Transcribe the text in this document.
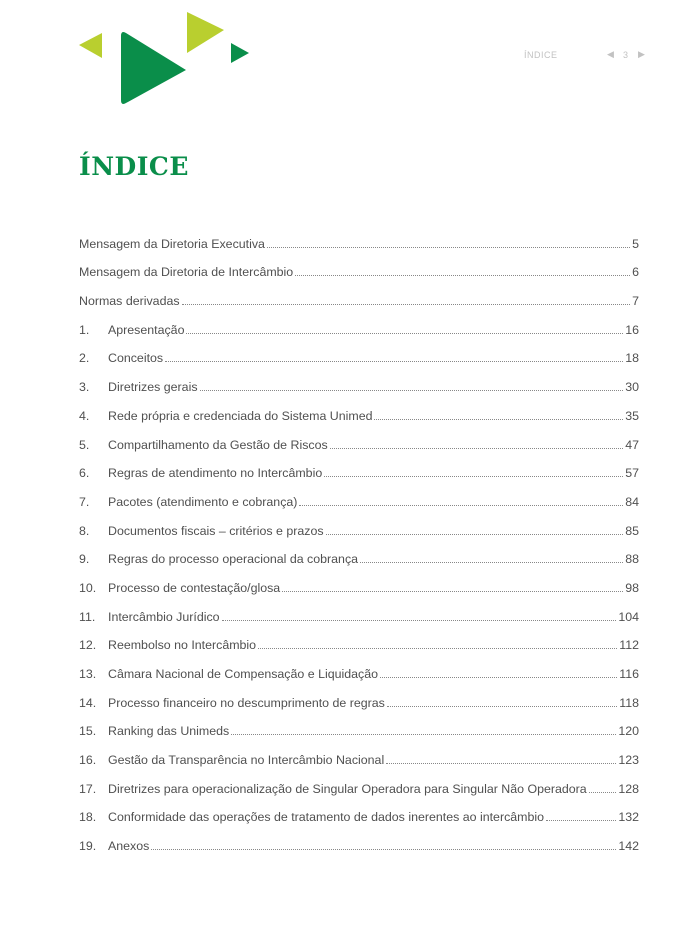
ÍNDICE	◀ 3 ▶
ÍNDICE
Mensagem da Diretoria Executiva	5
Mensagem da Diretoria de Intercâmbio	6
Normas derivadas	7
1.	Apresentação	16
2.	Conceitos	18
3.	Diretrizes gerais	30
4.	Rede própria e credenciada do Sistema Unimed	35
5.	Compartilhamento da Gestão de Riscos	47
6.	Regras de atendimento no Intercâmbio	57
7.	Pacotes (atendimento e cobrança)	84
8.	Documentos fiscais – critérios e prazos	85
9.	Regras do processo operacional da cobrança	88
10. Processo de contestação/glosa	98
11.	Intercâmbio Jurídico	104
12. Reembolso no Intercâmbio	112
13. Câmara Nacional de Compensação e Liquidação	116
14. Processo financeiro no descumprimento de regras	118
15. Ranking das Unimeds	120
16. Gestão da Transparência no Intercâmbio Nacional	123
17. Diretrizes para operacionalização de Singular Operadora para Singular Não Operadora	128
18. Conformidade das operações de tratamento de dados inerentes ao intercâmbio	132
19. Anexos	142
